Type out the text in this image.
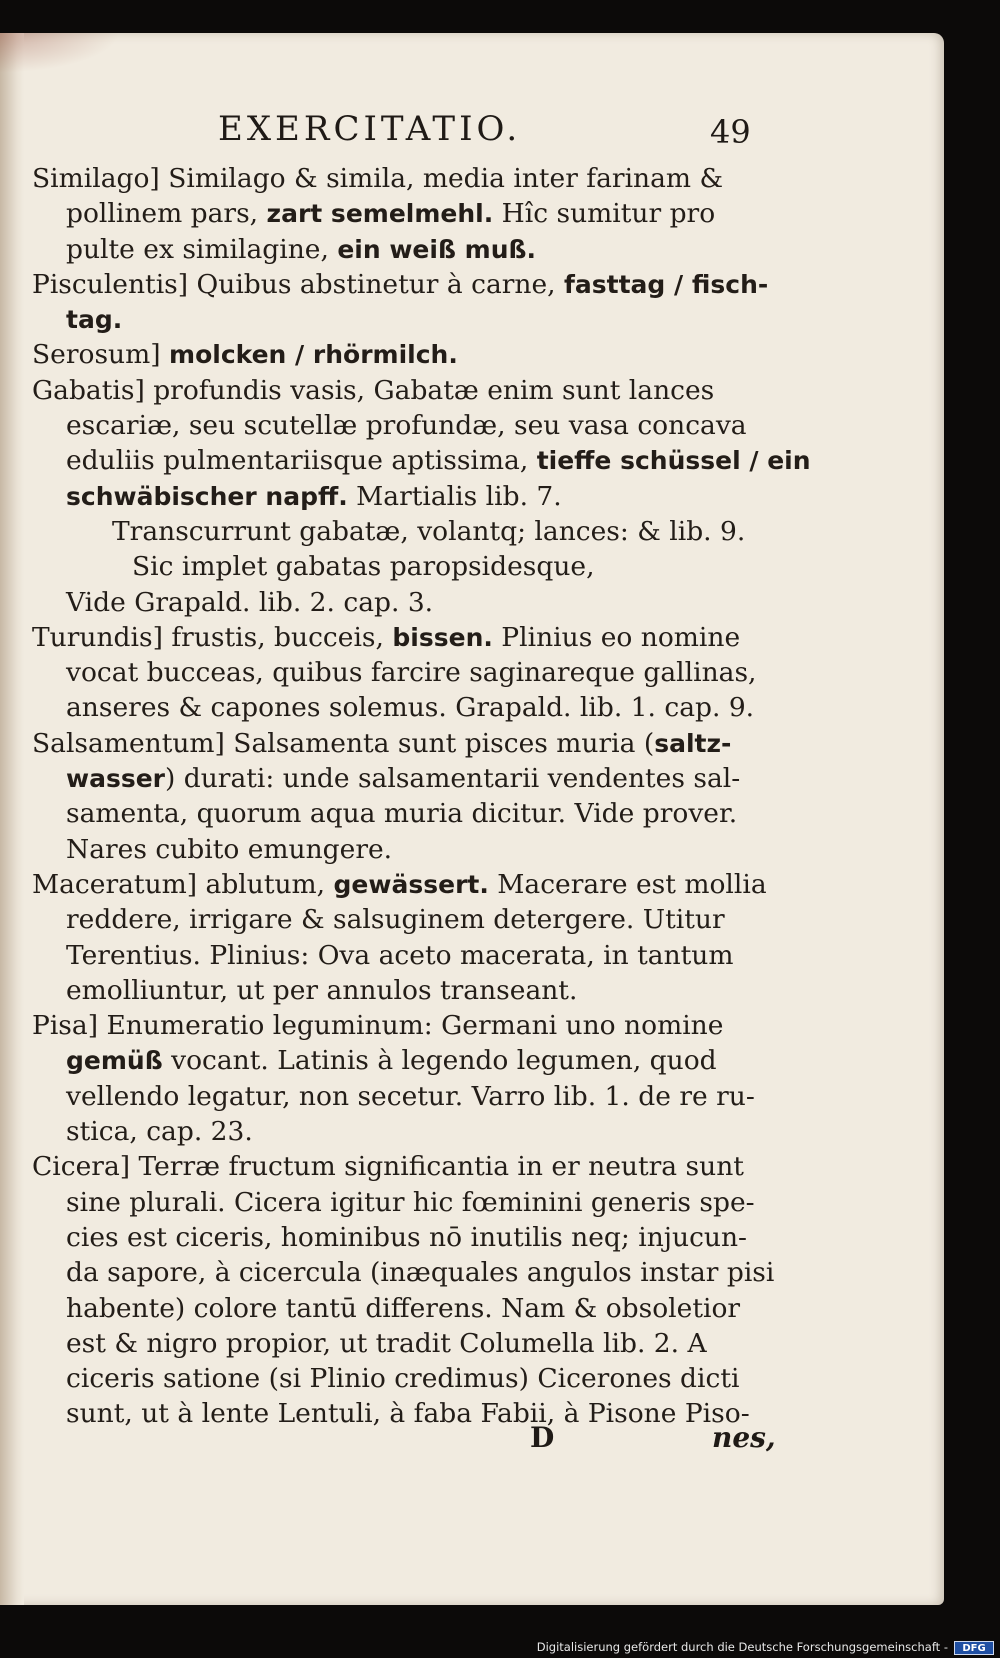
EXERCITATIO.	49
Similago] Similago & simila, media inter farinam &
pollinem pars, zart semelmehl. Hîc sumitur pro
pulte ex similagine, ein weiß muß.
Pisculentis] Quibus abstinetur à carne, fasttag / fisch-
tag.
Serosum] molcken / rhörmilch.
Gabatis] profundis vasis, Gabatæ enim sunt lances
escariæ, seu scutellæ profundæ, seu vasa concava
eduliis pulmentariisque aptissima, tieffe schüssel / ein
schwäbischer napff. Martialis lib. 7.
Transcurrunt gabatæ, volantq; lances: & lib. 9.
Sic implet gabatas paropsidesque,
Vide Grapald. lib. 2. cap. 3.
Turundis] frustis, bucceis, bissen. Plinius eo nomine
vocat bucceas, quibus farcire saginareque gallinas,
anseres & capones solemus. Grapald. lib. 1. cap. 9.
Salsamentum] Salsamenta sunt pisces muria (saltz-
wasser) durati: unde salsamentarii vendentes sal-
samenta, quorum aqua muria dicitur. Vide prover.
Nares cubito emungere.
Maceratum] ablutum, gewässert. Macerare est mollia
reddere, irrigare & salsuginem detergere. Utitur
Terentius. Plinius: Ova aceto macerata, in tantum
emolliuntur, ut per annulos transeant.
Pisa] Enumeratio leguminum: Germani uno nomine
gemüß vocant. Latinis à legendo legumen, quod
vellendo legatur, non secetur. Varro lib. 1. de re ru-
stica, cap. 23.
Cicera] Terræ fructum significantia in er neutra sunt
sine plurali. Cicera igitur hic fœminini generis spe-
cies est ciceris, hominibus nō inutilis neq; injucun-
da sapore, à cicercula (inæquales angulos instar pisi
habente) colore tantū differens. Nam & obsoletior
est & nigro propior, ut tradit Columella lib. 2. A
ciceris satione (si Plinio credimus) Cicerones dicti
sunt, ut à lente Lentuli, à faba Fabii, à Pisone Piso-
D	nes,
Digitalisierung gefördert durch die Deutsche Forschungsgemeinschaft -	DFG
